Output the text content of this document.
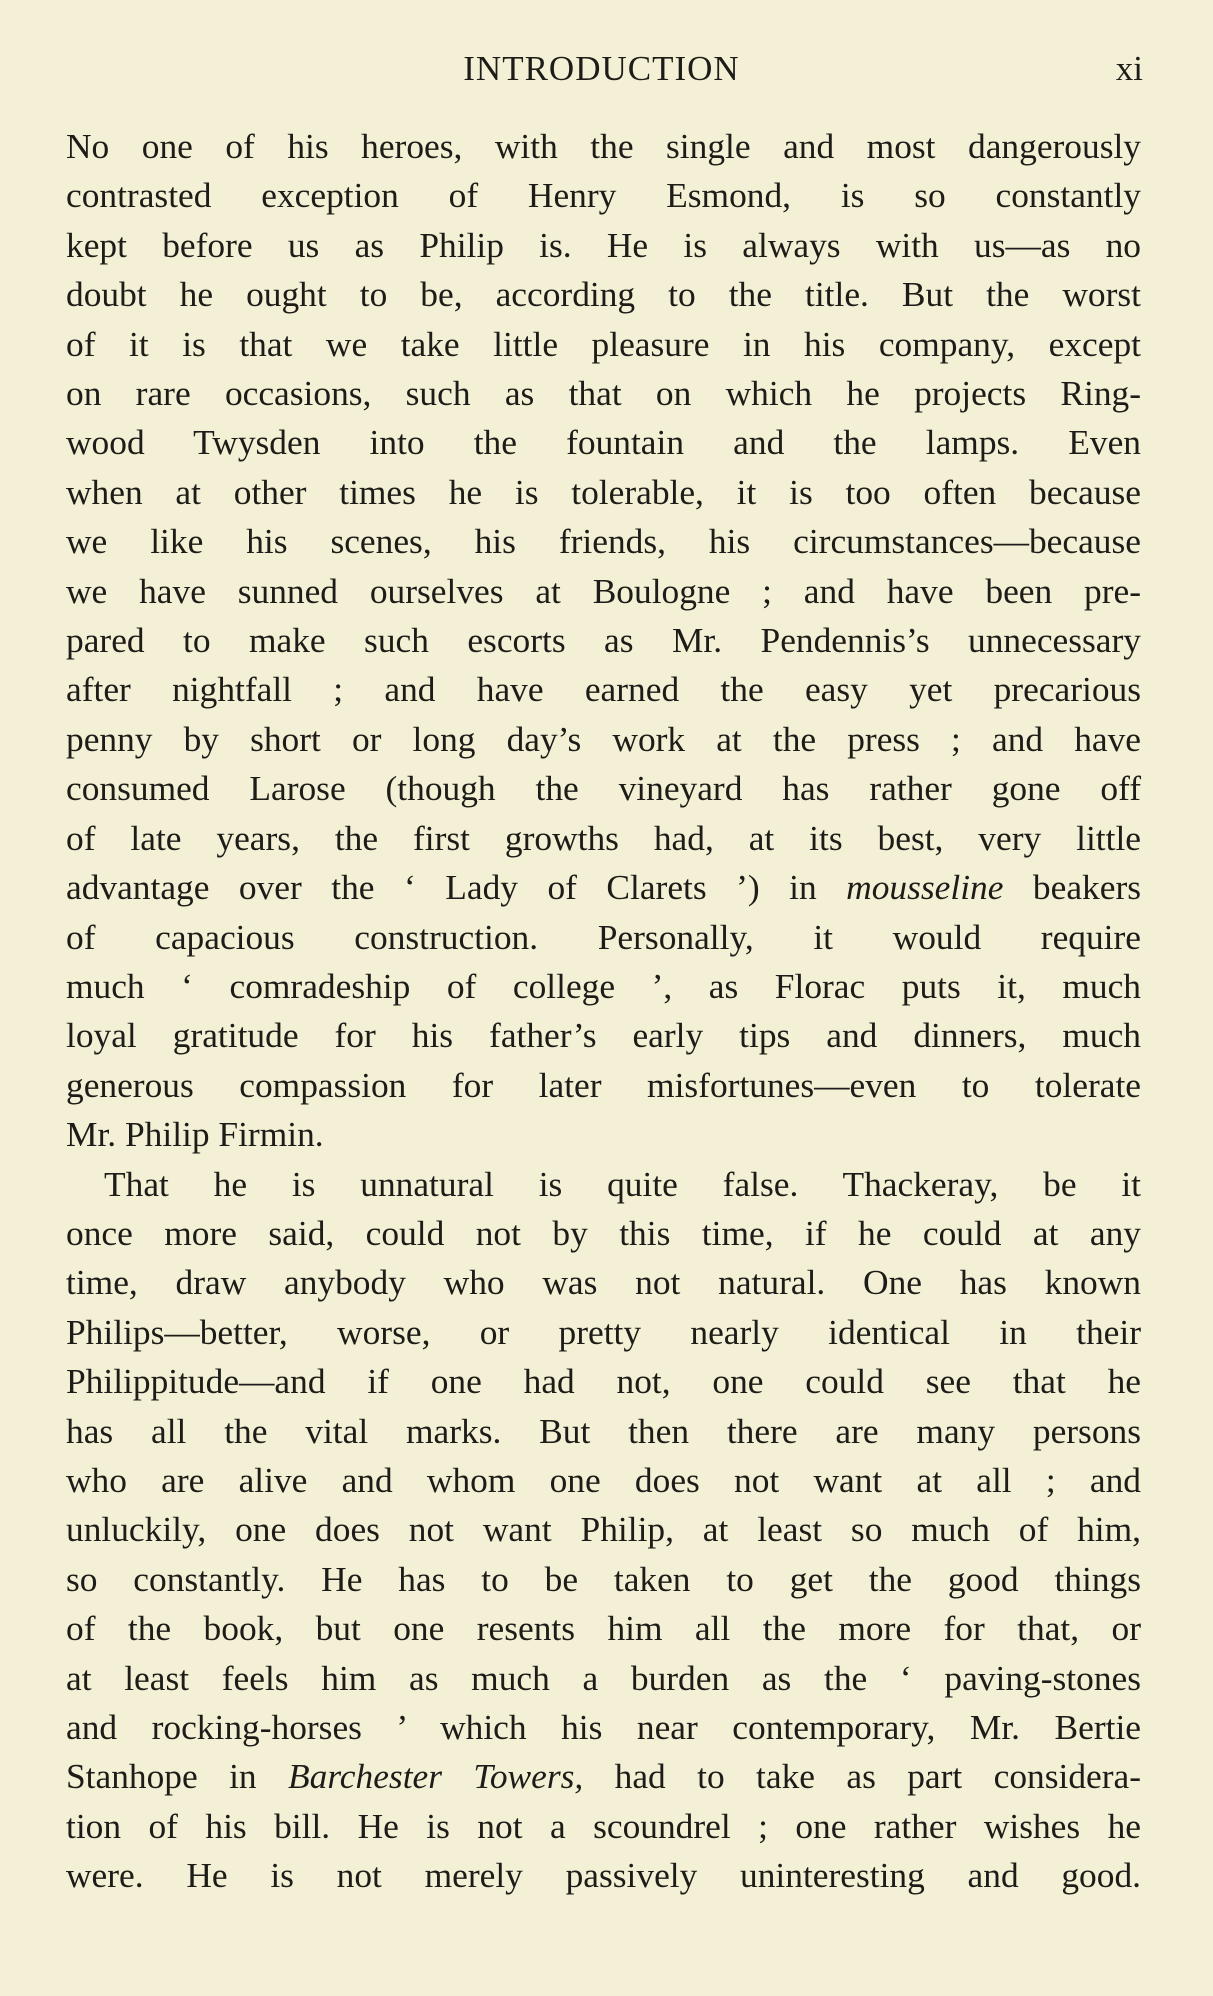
INTRODUCTION	xi
No one of his heroes, with the single and most dangerously
contrasted exception of Henry Esmond, is so constantly
kept before us as Philip is. He is always with us—as no
doubt he ought to be, according to the title. But the worst
of it is that we take little pleasure in his company, except
on rare occasions, such as that on which he projects Ring-
wood Twysden into the fountain and the lamps. Even
when at other times he is tolerable, it is too often because
we like his scenes, his friends, his circumstances—because
we have sunned ourselves at Boulogne ; and have been pre-
pared to make such escorts as Mr. Pendennis’s unnecessary
after nightfall ; and have earned the easy yet precarious
penny by short or long day’s work at the press ; and have
consumed Larose (though the vineyard has rather gone off
of late years, the first growths had, at its best, very little
advantage over the ‘ Lady of Clarets ’) in mousseline beakers
of capacious construction. Personally, it would require
much ‘ comradeship of college ’, as Florac puts it, much
loyal gratitude for his father’s early tips and dinners, much
generous compassion for later misfortunes—even to tolerate
Mr. Philip Firmin.
That he is unnatural is quite false. Thackeray, be it
once more said, could not by this time, if he could at any
time, draw anybody who was not natural. One has known
Philips—better, worse, or pretty nearly identical in their
Philippitude—and if one had not, one could see that he
has all the vital marks. But then there are many persons
who are alive and whom one does not want at all ; and
unluckily, one does not want Philip, at least so much of him,
so constantly. He has to be taken to get the good things
of the book, but one resents him all the more for that, or
at least feels him as much a burden as the ‘ paving-stones
and rocking-horses ’ which his near contemporary, Mr. Bertie
Stanhope in Barchester Towers, had to take as part considera-
tion of his bill. He is not a scoundrel ; one rather wishes he
were. He is not merely passively uninteresting and good.
